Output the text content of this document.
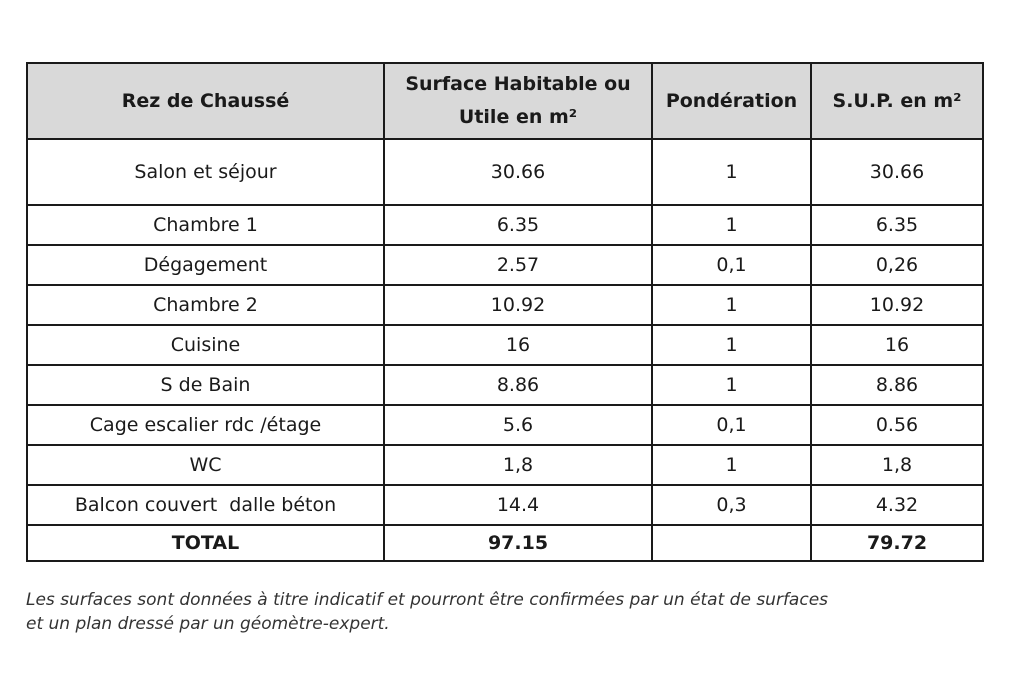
Rez de Chaussé	Surface Habitable ou Utile en m²	Pondération	S.U.P. en m²
Salon et séjour	30.66	1	30.66
Chambre 1	6.35	1	6.35
Dégagement	2.57	0,1	0,26
Chambre 2	10.92	1	10.92
Cuisine	16	1	16
S de Bain	8.86	1	8.86
Cage escalier rdc /étage	5.6	0,1	0.56
WC	1,8	1	1,8
Balcon couvert  dalle béton	14.4	0,3	4.32
TOTAL	97.15		79.72
Les surfaces sont données à titre indicatif et pourront être confirmées par un état de surfaces
et un plan dressé par un géomètre-expert.
